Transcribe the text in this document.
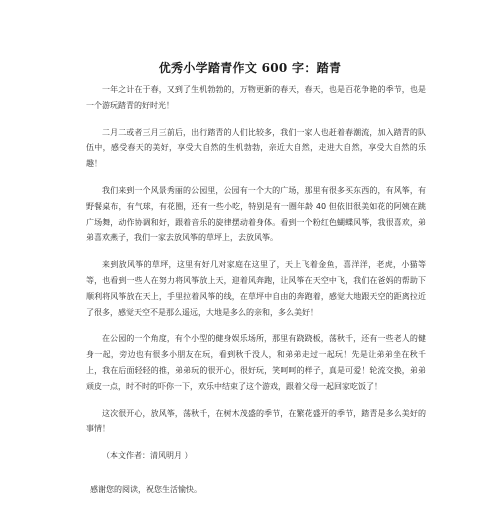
优秀小学踏青作文 600 字：踏青

一年之计在于春，又到了生机勃勃的，万物更新的春天，春天，也是百花争艳的季节，也是一个游玩踏青的好时光！

二月二或者三月三前后，出行踏青的人们比较多，我们一家人也赶着春潮流，加入踏青的队伍中，感受春天的美好，享受大自然的生机勃勃，亲近大自然，走进大自然，享受大自然的乐趣！

我们来到一个风景秀丽的公园里，公园有一个大的广场，那里有很多买东西的，有风筝，有野餐桌布，有气球，有花圈，还有一些小吃，特别是有一圈年龄 40 但依旧很美如花的阿姨在跳广场舞，动作协调和好，跟着音乐的旋律摆动着身体。看到一个粉红色蝴蝶风筝，我很喜欢，弟弟喜欢燕子，我们一家去放风筝的草坪上，去放风筝。

来到放风筝的草坪，这里有好几对家庭在这里了，天上飞着金鱼，喜洋洋，老虎，小猫等等，也看到一些人在努力将风筝放上天，迎着风奔跑，让风筝在天空中飞，我们在爸妈的帮助下顺利将风筝放在天上，手里拉着风筝的线，在草坪中自由的奔跑着，感觉大地跟天空的距离拉近了很多，感觉天空不是那么遥远，大地是多么的亲和，多么美好！

在公园的一个角度，有个小型的健身娱乐场所，那里有跷跷板，荡秋千，还有一些老人的健身一起，旁边也有很多小朋友在玩，看到秋千没人，和弟弟走过一起玩！先是让弟弟坐在秋千上，我在后面轻轻的推，弟弟玩的很开心，很好玩，笑呵呵的样子，真是可爱！轮流交换，弟弟顽皮一点，时不时的吓你一下，欢乐中结束了这个游戏，跟着父母一起回家吃饭了！

这次很开心，放风筝，荡秋千，在树木茂盛的季节，在繁花盛开的季节，踏青是多么美好的事情！

（本文作者：清风明月 ）

感谢您的阅读，祝您生活愉快。
